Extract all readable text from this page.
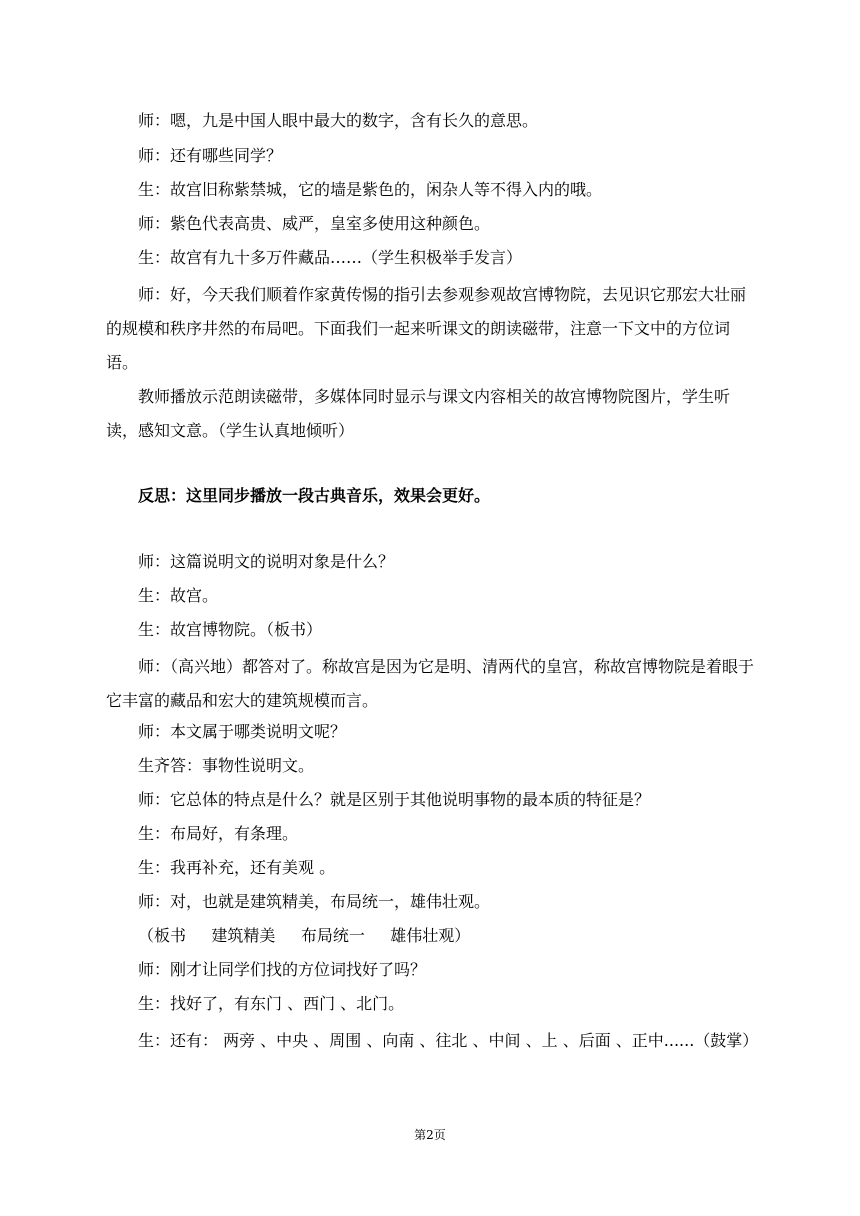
师：嗯，九是中国人眼中最大的数字，含有长久的意思。

师：还有哪些同学？

生：故宫旧称紫禁城，它的墙是紫色的，闲杂人等不得入内的哦。

师：紫色代表高贵、威严，皇室多使用这种颜色。

生：故宫有九十多万件藏品……（学生积极举手发言）

师：好，今天我们顺着作家黄传惕的指引去参观参观故宫博物院，去见识它那宏大壮丽的规模和秩序井然的布局吧。下面我们一起来听课文的朗读磁带，注意一下文中的方位词语。

教师播放示范朗读磁带，多媒体同时显示与课文内容相关的故宫博物院图片，学生听读，感知文意。（学生认真地倾听）

反思：这里同步播放一段古典音乐，效果会更好。

师：这篇说明文的说明对象是什么？

生：故宫。

生：故宫博物院。（板书）

师：（高兴地）都答对了。称故宫是因为它是明、清两代的皇宫，称故宫博物院是着眼于它丰富的藏品和宏大的建筑规模而言。

师：本文属于哪类说明文呢？

生齐答：事物性说明文。

师：它总体的特点是什么？就是区别于其他说明事物的最本质的特征是？

生：布局好，有条理。

生：我再补充，还有美观 。

师：对，也就是建筑精美，布局统一，雄伟壮观。

（板书     建筑精美     布局统一     雄伟壮观）

师：刚才让同学们找的方位词找好了吗？

生：找好了，有东门 、西门 、北门。

生：还有： 两旁 、中央 、周围 、向南 、往北 、中间 、上 、后面 、正中......（鼓掌）

第2页
